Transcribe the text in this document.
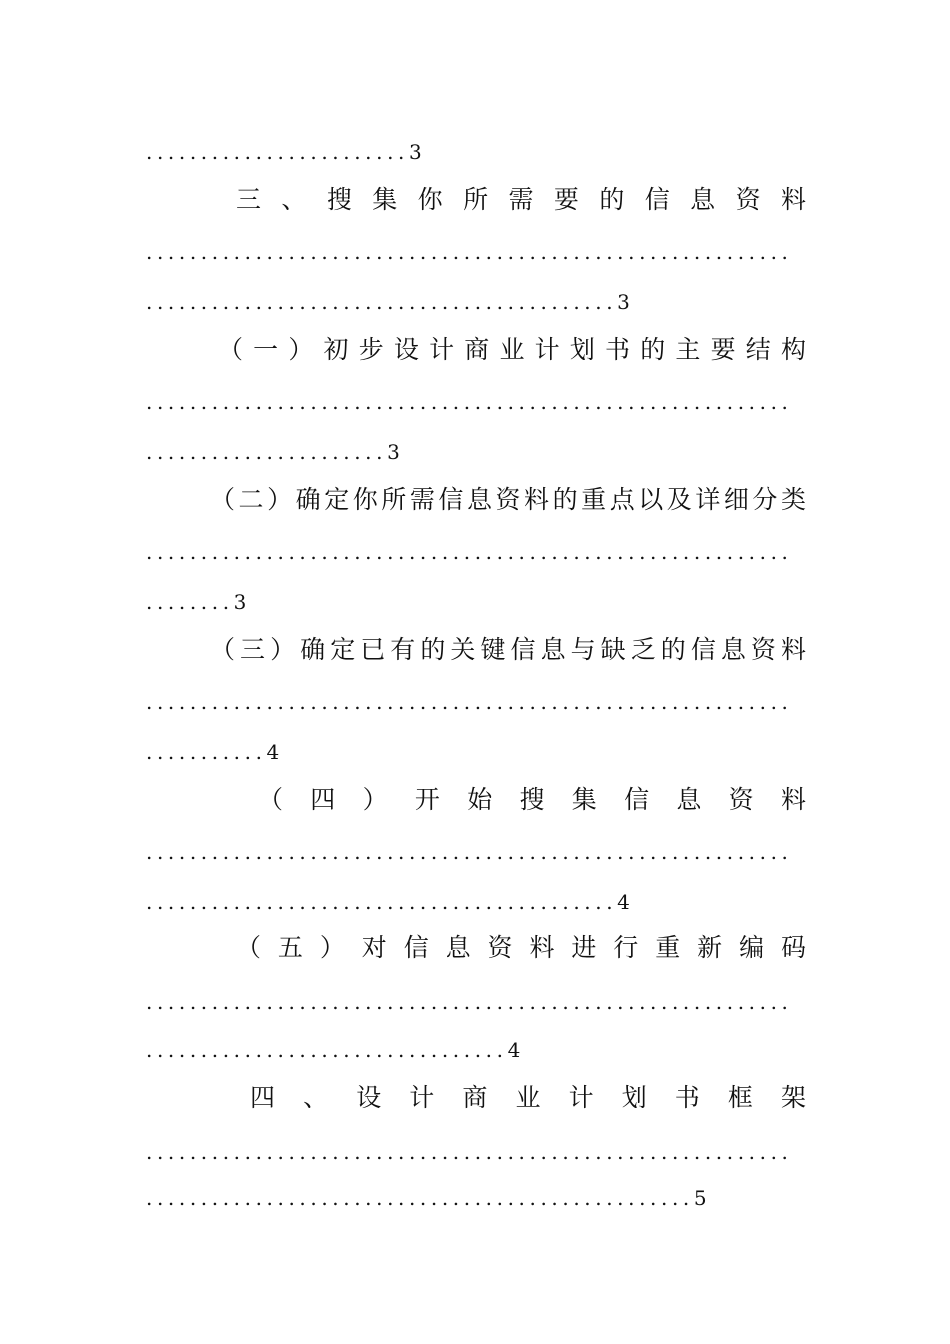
........................3
三 、 搜 集 你 所 需 要 的 信 息 资 料
...........................................................
...........................................3
（一）初步设计商业计划书的主要结构
...........................................................
......................3
（二）确定你所需信息资料的重点以及详细分类
...........................................................
........3
（三）确定已有的关键信息与缺乏的信息资料
...........................................................
...........4
（ 四 ） 开 始 搜 集 信 息 资 料
...........................................................
...........................................4
（ 五 ） 对 信 息 资 料 进 行 重 新 编 码
...........................................................
.................................4
四 、 设 计 商 业 计 划 书 框 架
...........................................................
..................................................5
